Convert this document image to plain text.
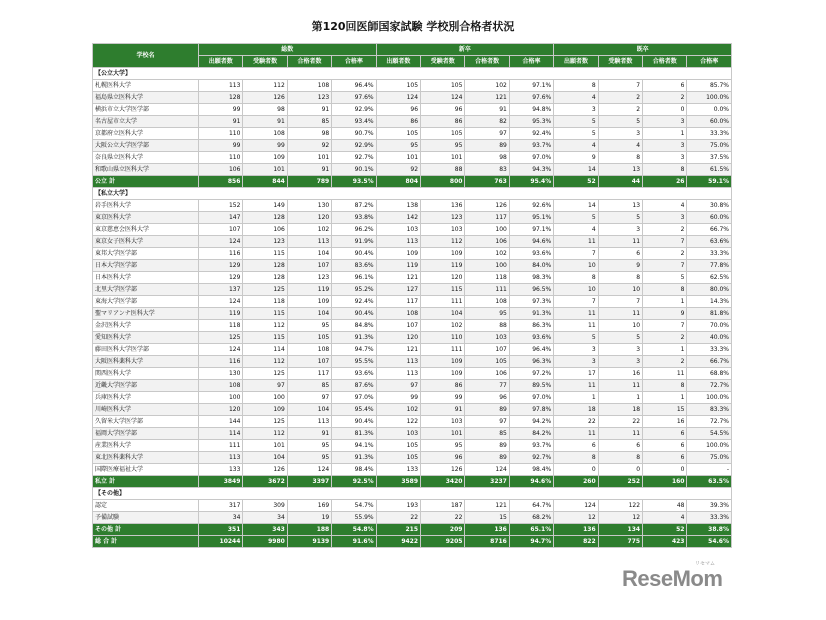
第120回医師国家試験 学校別合格者状況
学校名	総数				新卒				既卒			
	出願者数	受験者数	合格者数	合格率	出願者数	受験者数	合格者数	合格率	出願者数	受験者数	合格者数	合格率
【公立大学】												
札幌医科大学	113	112	108	96.4%	105	105	102	97.1%	8	7	6	85.7%
福島県立医科大学	128	126	123	97.6%	124	124	121	97.6%	4	2	2	100.0%
横浜市立大学医学部	99	98	91	92.9%	96	96	91	94.8%	3	2	0	0.0%
名古屋市立大学	91	91	85	93.4%	86	86	82	95.3%	5	5	3	60.0%
京都府立医科大学	110	108	98	90.7%	105	105	97	92.4%	5	3	1	33.3%
大阪公立大学医学部	99	99	92	92.9%	95	95	89	93.7%	4	4	3	75.0%
奈良県立医科大学	110	109	101	92.7%	101	101	98	97.0%	9	8	3	37.5%
和歌山県立医科大学	106	101	91	90.1%	92	88	83	94.3%	14	13	8	61.5%
公立 計	856	844	789	93.5%	804	800	763	95.4%	52	44	26	59.1%
【私立大学】												
岩手医科大学	152	149	130	87.2%	138	136	126	92.6%	14	13	4	30.8%
東京医科大学	147	128	120	93.8%	142	123	117	95.1%	5	5	3	60.0%
東京慈恵会医科大学	107	106	102	96.2%	103	103	100	97.1%	4	3	2	66.7%
東京女子医科大学	124	123	113	91.9%	113	112	106	94.6%	11	11	7	63.6%
東邦大学医学部	116	115	104	90.4%	109	109	102	93.6%	7	6	2	33.3%
日本大学医学部	129	128	107	83.6%	119	119	100	84.0%	10	9	7	77.8%
日本医科大学	129	128	123	96.1%	121	120	118	98.3%	8	8	5	62.5%
北里大学医学部	137	125	119	95.2%	127	115	111	96.5%	10	10	8	80.0%
東海大学医学部	124	118	109	92.4%	117	111	108	97.3%	7	7	1	14.3%
聖マリアンナ医科大学	119	115	104	90.4%	108	104	95	91.3%	11	11	9	81.8%
金沢医科大学	118	112	95	84.8%	107	102	88	86.3%	11	10	7	70.0%
愛知医科大学	125	115	105	91.3%	120	110	103	93.6%	5	5	2	40.0%
藤田医科大学医学部	124	114	108	94.7%	121	111	107	96.4%	3	3	1	33.3%
大阪医科薬科大学	116	112	107	95.5%	113	109	105	96.3%	3	3	2	66.7%
関西医科大学	130	125	117	93.6%	113	109	106	97.2%	17	16	11	68.8%
近畿大学医学部	108	97	85	87.6%	97	86	77	89.5%	11	11	8	72.7%
兵庫医科大学	100	100	97	97.0%	99	99	96	97.0%	1	1	1	100.0%
川崎医科大学	120	109	104	95.4%	102	91	89	97.8%	18	18	15	83.3%
久留米大学医学部	144	125	113	90.4%	122	103	97	94.2%	22	22	16	72.7%
福岡大学医学部	114	112	91	81.3%	103	101	85	84.2%	11	11	6	54.5%
産業医科大学	111	101	95	94.1%	105	95	89	93.7%	6	6	6	100.0%
東北医科薬科大学	113	104	95	91.3%	105	96	89	92.7%	8	8	6	75.0%
国際医療福祉大学	133	126	124	98.4%	133	126	124	98.4%	0	0	0	-
私立 計	3849	3672	3397	92.5%	3589	3420	3237	94.6%	260	252	160	63.5%
【その他】												
認定	317	309	169	54.7%	193	187	121	64.7%	124	122	48	39.3%
予備試験	34	34	19	55.9%	22	22	15	68.2%	12	12	4	33.3%
その他 計	351	343	188	54.8%	215	209	136	65.1%	136	134	52	38.8%
総 合 計	10244	9980	9139	91.6%	9422	9205	8716	94.7%	822	775	423	54.6%
ReseMom
リセマム
